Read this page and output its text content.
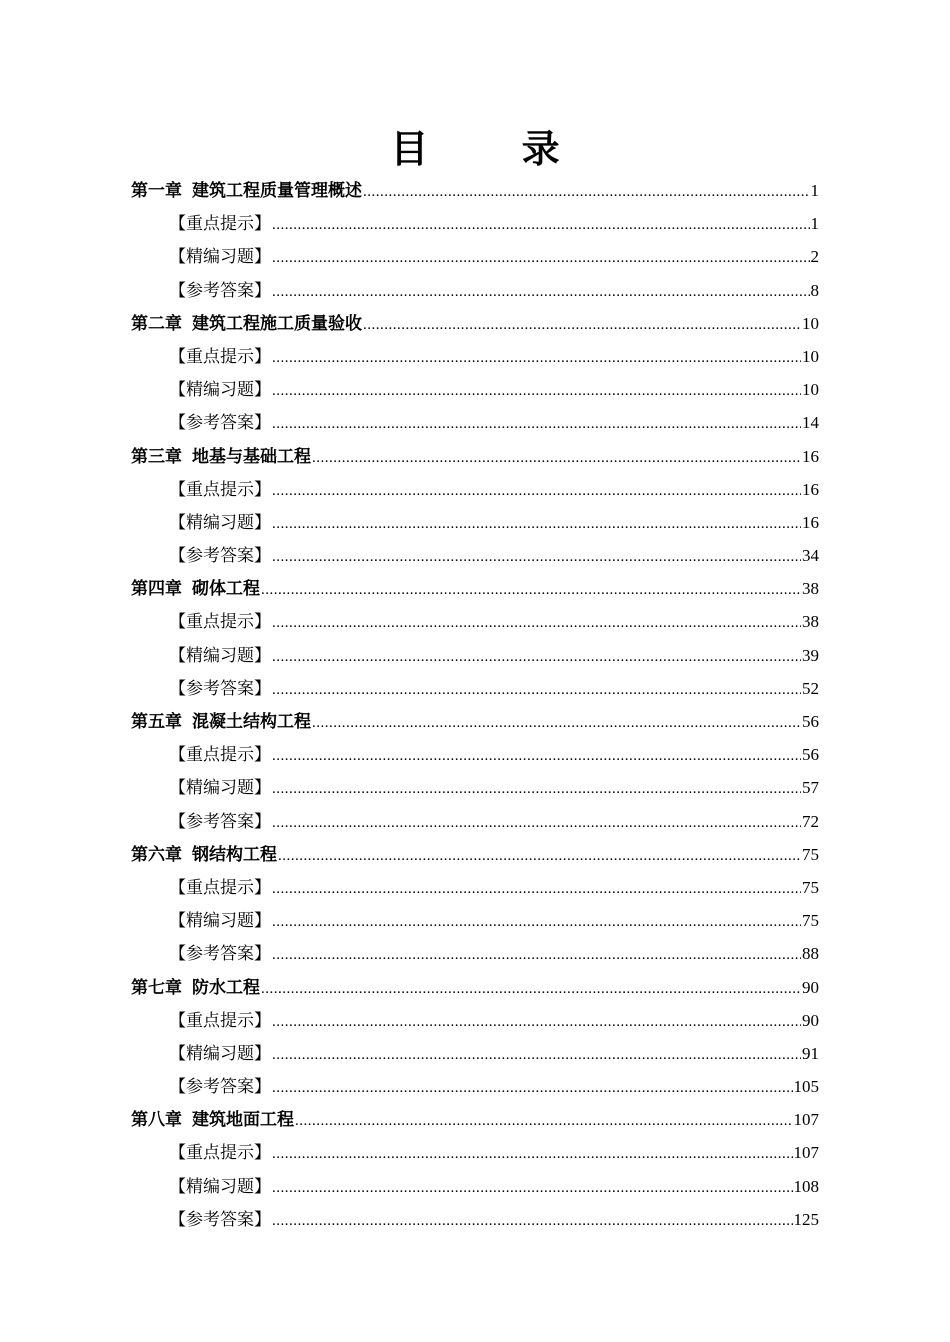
目 录
第一章 建筑工程质量管理概述 .....	1
【重点提示】 .....	1
【精编习题】 .....	2
【参考答案】 .....	8
第二章 建筑工程施工质量验收 .....	10
【重点提示】 .....	10
【精编习题】 .....	10
【参考答案】 .....	14
第三章 地基与基础工程 .....	16
【重点提示】 .....	16
【精编习题】 .....	16
【参考答案】 .....	34
第四章 砌体工程 .....	38
【重点提示】 .....	38
【精编习题】 .....	39
【参考答案】 .....	52
第五章 混凝土结构工程 .....	56
【重点提示】 .....	56
【精编习题】 .....	57
【参考答案】 .....	72
第六章 钢结构工程 .....	75
【重点提示】 .....	75
【精编习题】 .....	75
【参考答案】 .....	88
第七章 防水工程 .....	90
【重点提示】 .....	90
【精编习题】 .....	91
【参考答案】 .....	105
第八章 建筑地面工程 .....	107
【重点提示】 .....	107
【精编习题】 .....	108
【参考答案】 .....	125
